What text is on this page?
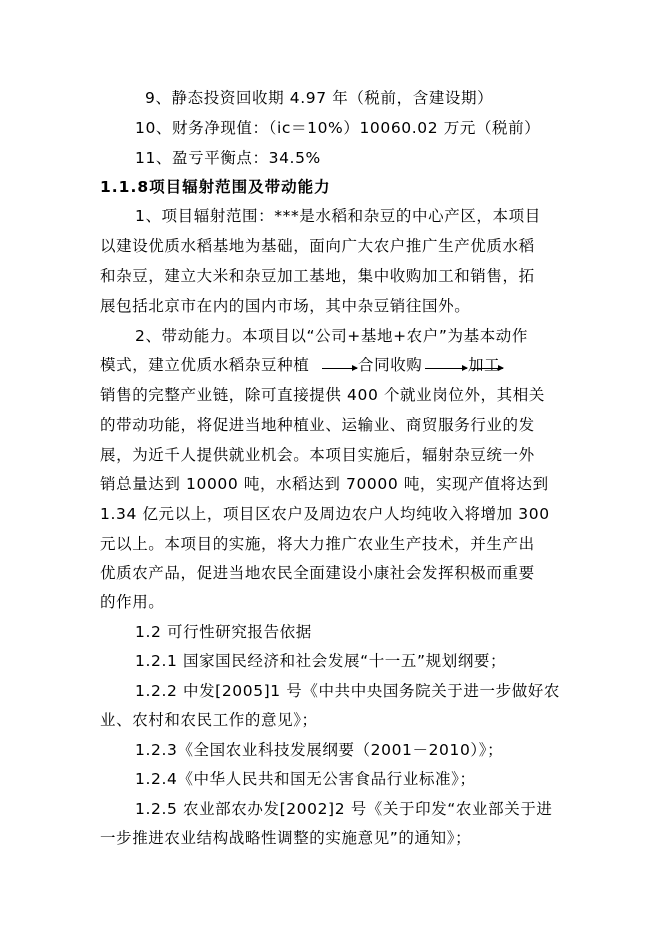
9、静态投资回收期 4.97 年（税前，含建设期）
10、财务净现值：（ic＝10%）10060.02 万元（税前）
11、盈亏平衡点：34.5%
1.1.8项目辐射范围及带动能力
1、项目辐射范围：***是水稻和杂豆的中心产区，本项目
以建设优质水稻基地为基础，面向广大农户推广生产优质水稻
和杂豆，建立大米和杂豆加工基地，集中收购加工和销售，拓
展包括北京市在内的国内市场，其中杂豆销往国外。
2、带动能力。本项目以“公司+基地+农户”为基本动作
模式，建立优质水稻杂豆种植	合同收购	加工
销售的完整产业链，除可直接提供 400 个就业岗位外，其相关
的带动功能，将促进当地种植业、运输业、商贸服务行业的发
展，为近千人提供就业机会。本项目实施后，辐射杂豆统一外
销总量达到 10000 吨，水稻达到 70000 吨，实现产值将达到
1.34 亿元以上，项目区农户及周边农户人均纯收入将增加 300
元以上。本项目的实施，将大力推广农业生产技术，并生产出
优质农产品，促进当地农民全面建设小康社会发挥积极而重要
的作用。
1.2 可行性研究报告依据
1.2.1 国家国民经济和社会发展“十一五”规划纲要；
1.2.2 中发[2005]1 号《中共中央国务院关于进一步做好农
业、农村和农民工作的意见》；
1.2.3《全国农业科技发展纲要（2001－2010）》；
1.2.4《中华人民共和国无公害食品行业标准》；
1.2.5 农业部农办发[2002]2 号《关于印发“农业部关于进
一步推进农业结构战略性调整的实施意见”的通知》；
